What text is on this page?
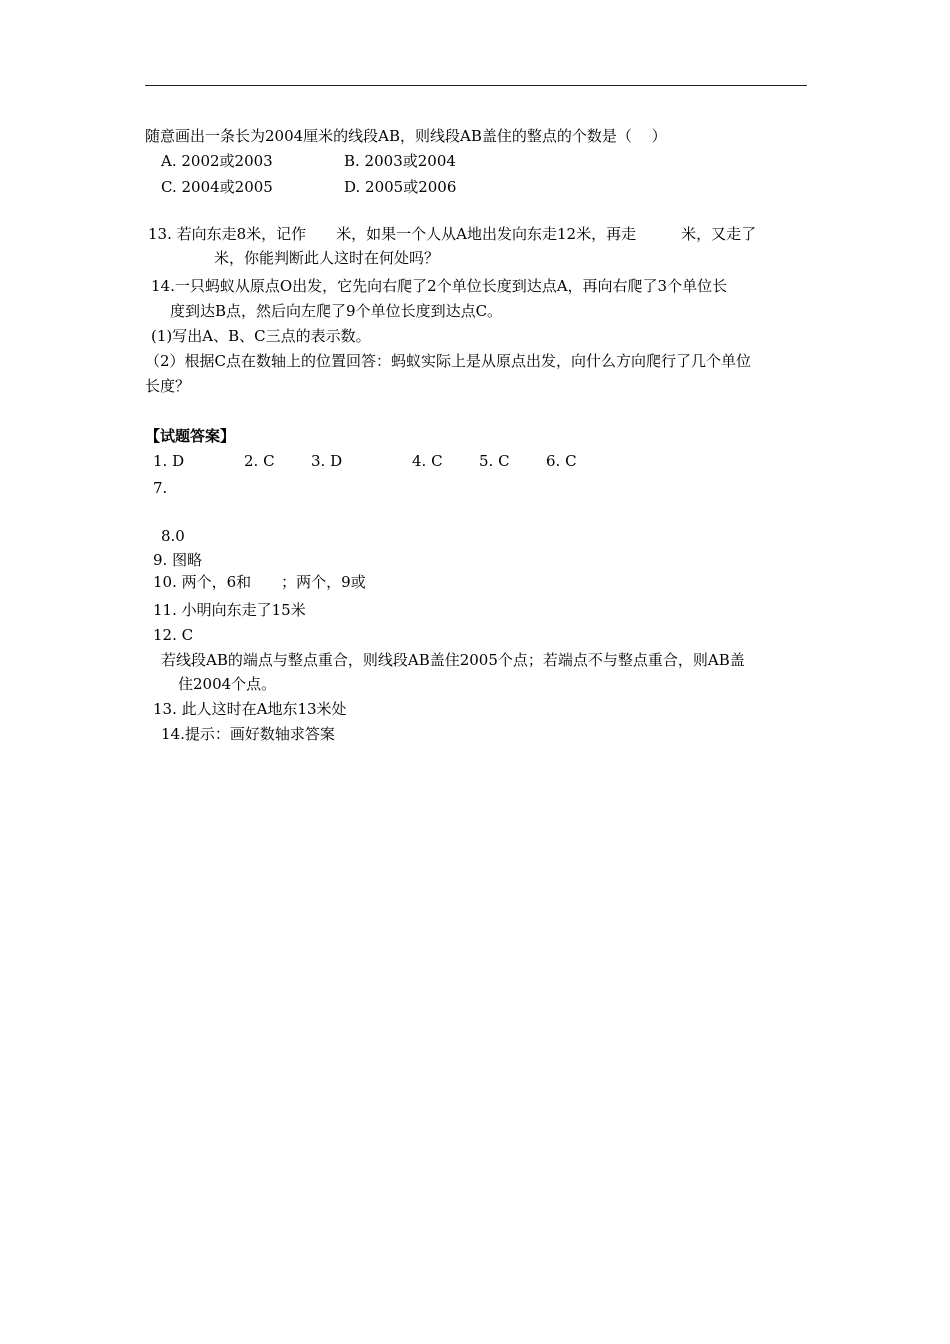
随意画出一条长为2004厘米的线段AB，则线段AB盖住的整点的个数是（　 ）
A. 2002或2003	B. 2003或2004
C. 2004或2005	D. 2005或2006
13. 若向东走8米，记作　　米，如果一个人从A地出发向东走12米，再走　　　米，又走了
米，你能判断此人这时在何处吗？
14.一只蚂蚁从原点O出发，它先向右爬了2个单位长度到达点A，再向右爬了3个单位长
度到达B点，然后向左爬了9个单位长度到达点C。
(1)写出A、B、C三点的表示数。
（2）根据C点在数轴上的位置回答：蚂蚁实际上是从原点出发，向什么方向爬行了几个单位
长度？
【试题答案】
1. D	2. C 3. D	4. C 5. C 6. C
7.
8.0
9. 图略
10. 两个，6和　　；两个，9或
11. 小明向东走了15米
12. C
若线段AB的端点与整点重合，则线段AB盖住2005个点；若端点不与整点重合，则AB盖
住2004个点。
13. 此人这时在A地东13米处
14.提示：画好数轴求答案
